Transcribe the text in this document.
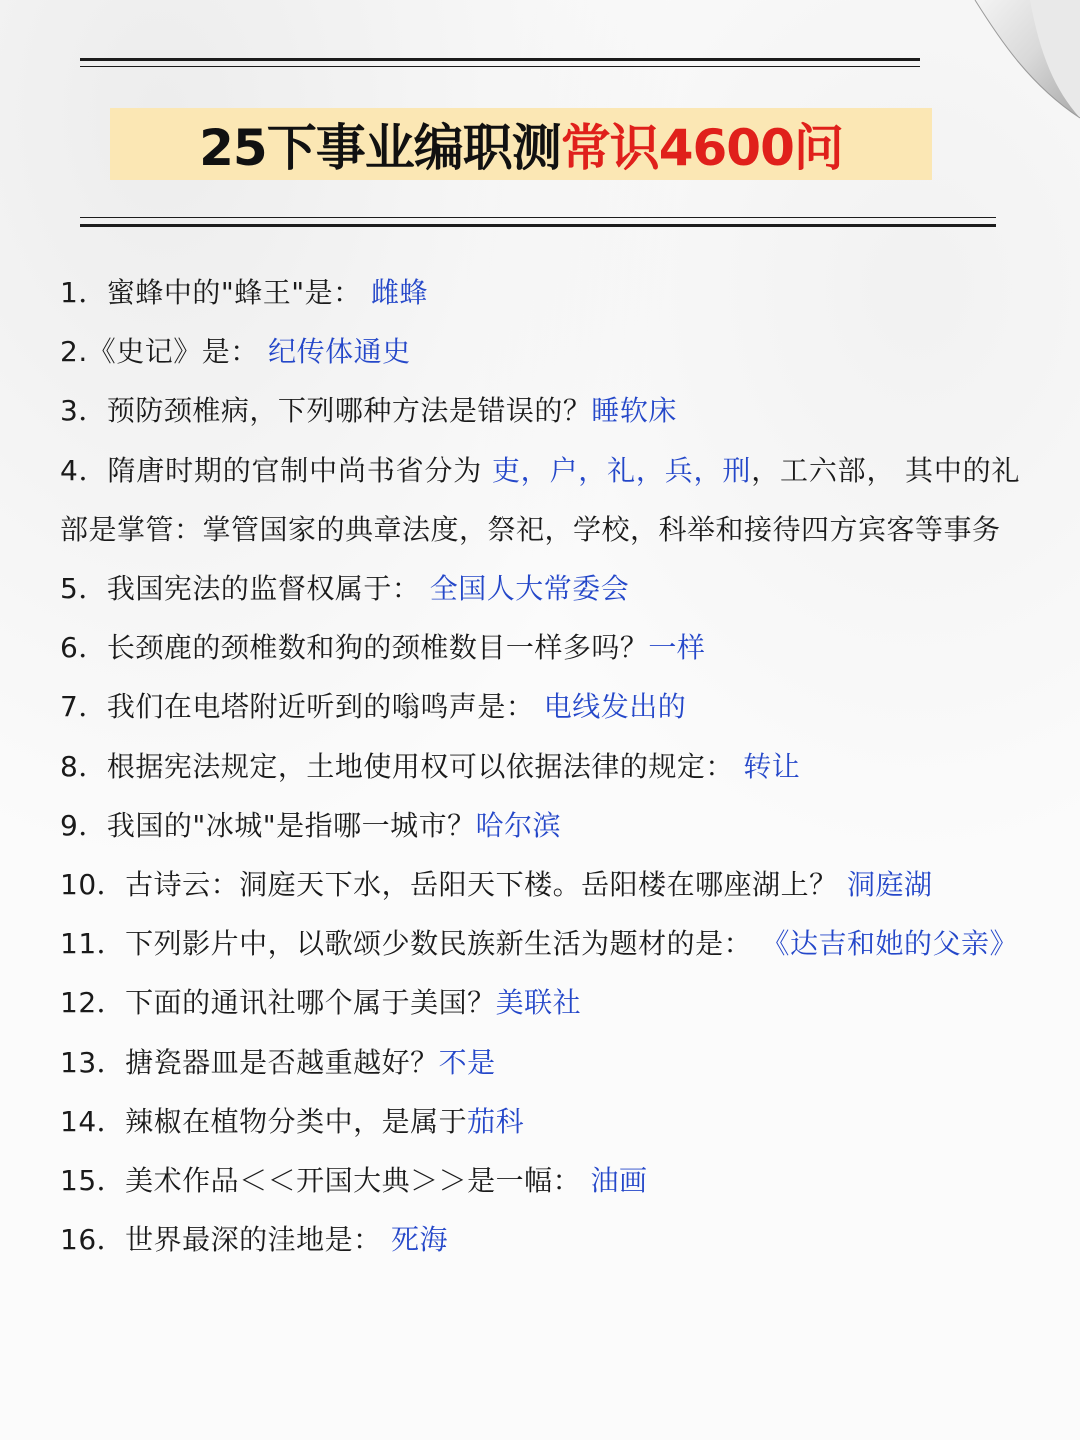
25下事业编职测 常识4600问
1．蜜蜂中的"蜂王"是： 雌蜂
2.《史记》是： 纪传体通史
3．预防颈椎病，下列哪种方法是错误的？睡软床
4．隋唐时期的官制中尚书省分为 吏，户，礼，兵，刑，工六部， 其中的礼部是掌管：掌管国家的典章法度，祭祀，学校，科举和接待四方宾客等事务
5．我国宪法的监督权属于： 全国人大常委会
6．长颈鹿的颈椎数和狗的颈椎数目一样多吗？一样
7．我们在电塔附近听到的嗡鸣声是： 电线发出的
8．根据宪法规定，土地使用权可以依据法律的规定： 转让
9．我国的"冰城"是指哪一城市？哈尔滨
10．古诗云：洞庭天下水，岳阳天下楼。岳阳楼在哪座湖上？ 洞庭湖
11．下列影片中，以歌颂少数民族新生活为题材的是： 《达吉和她的父亲》
12．下面的通讯社哪个属于美国？美联社
13．搪瓷器皿是否越重越好？不是
14．辣椒在植物分类中，是属于茄科
15．美术作品＜＜开国大典＞＞是一幅： 油画
16．世界最深的洼地是： 死海
